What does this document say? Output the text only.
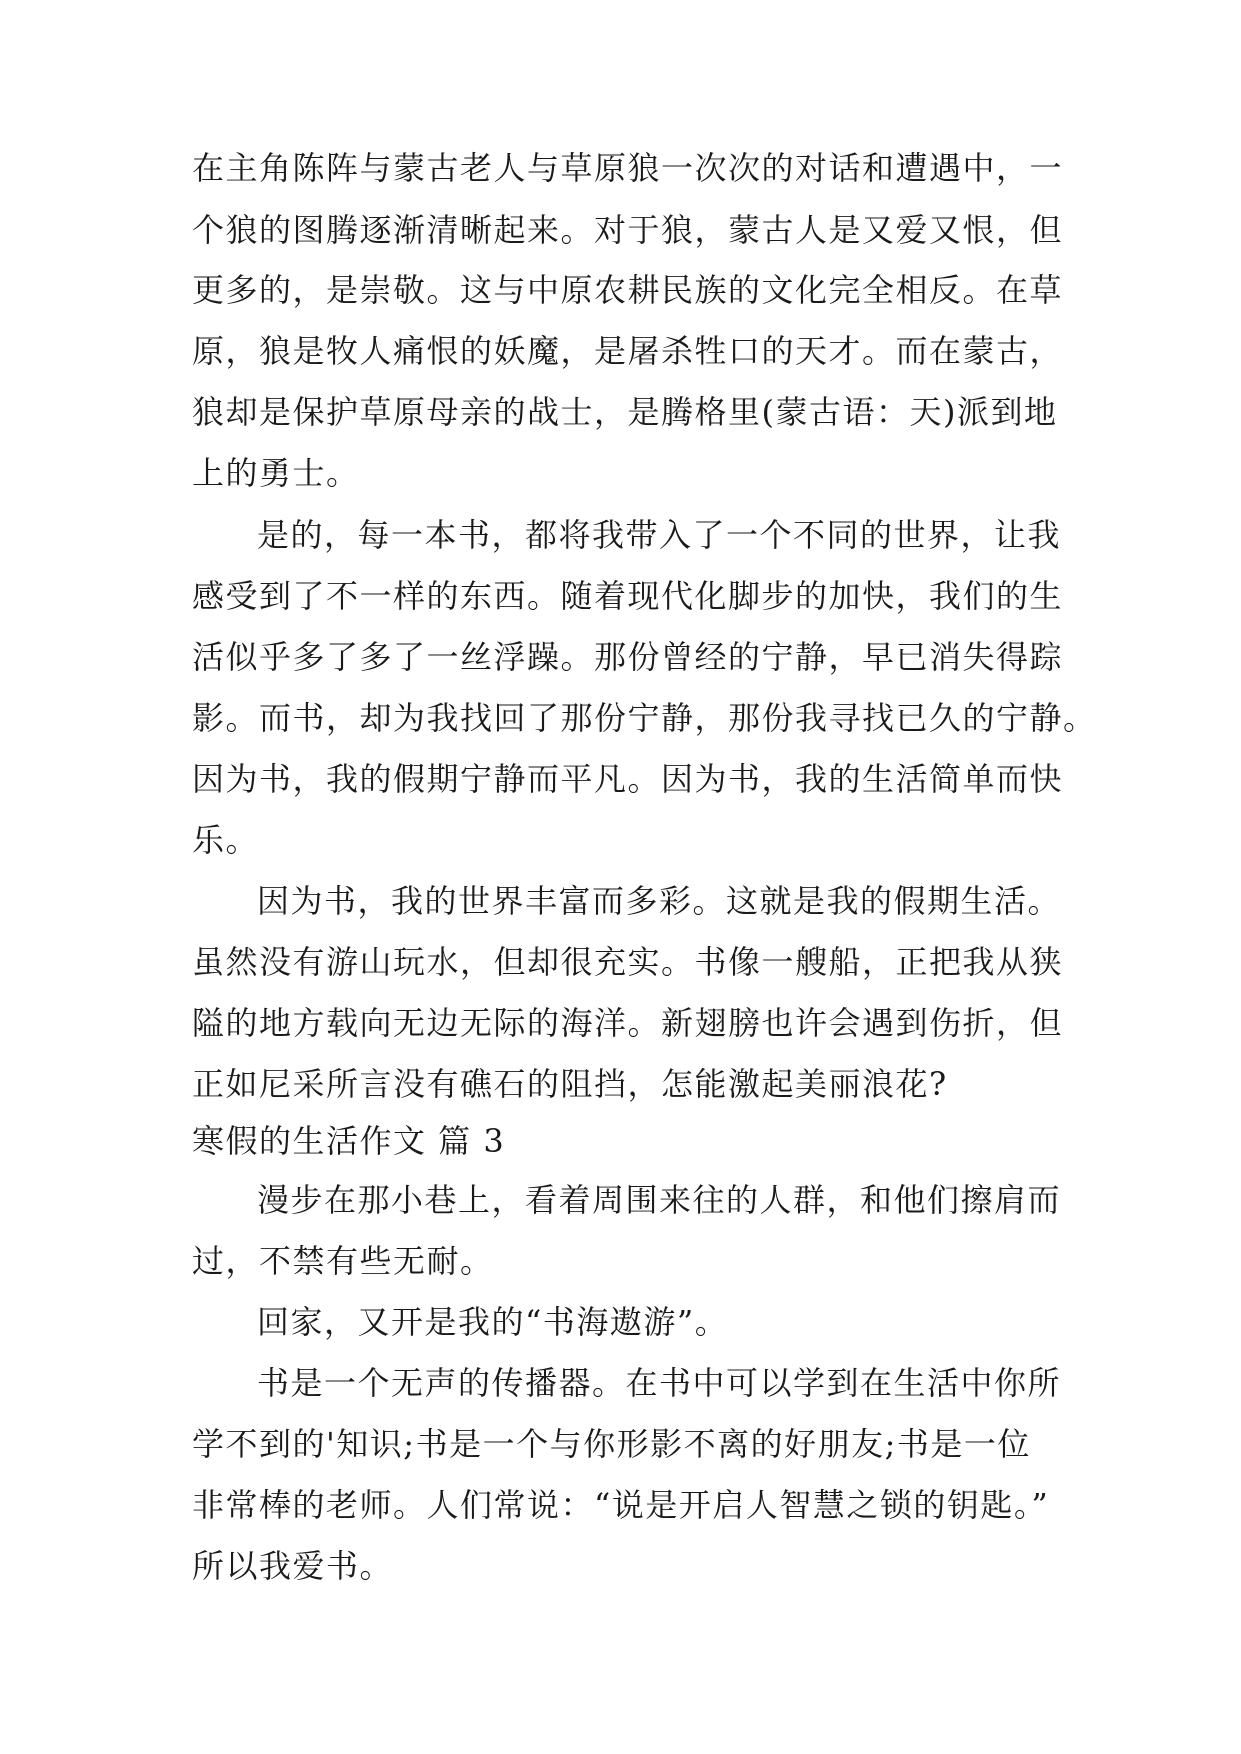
在主角陈阵与蒙古老人与草原狼一次次的对话和遭遇中，一
个狼的图腾逐渐清晰起来。对于狼，蒙古人是又爱又恨，但
更多的，是崇敬。这与中原农耕民族的文化完全相反。在草
原，狼是牧人痛恨的妖魔，是屠杀牲口的天才。而在蒙古，
狼却是保护草原母亲的战士，是腾格里(蒙古语：天)派到地
上的勇士。
是的，每一本书，都将我带入了一个不同的世界，让我
感受到了不一样的东西。随着现代化脚步的加快，我们的生
活似乎多了多了一丝浮躁。那份曾经的宁静，早已消失得踪
影。而书，却为我找回了那份宁静，那份我寻找已久的宁静。
因为书，我的假期宁静而平凡。因为书，我的生活简单而快
乐。
因为书，我的世界丰富而多彩。这就是我的假期生活。
虽然没有游山玩水，但却很充实。书像一艘船，正把我从狭
隘的地方载向无边无际的海洋。新翅膀也许会遇到伤折，但
正如尼采所言没有礁石的阻挡，怎能激起美丽浪花?
寒假的生活作文 篇 3
漫步在那小巷上，看着周围来往的人群，和他们擦肩而
过，不禁有些无耐。
回家，又开是我的“书海遨游”。
书是一个无声的传播器。在书中可以学到在生活中你所
学不到的'知识;书是一个与你形影不离的好朋友;书是一位
非常棒的老师。人们常说：“说是开启人智慧之锁的钥匙。”
所以我爱书。
